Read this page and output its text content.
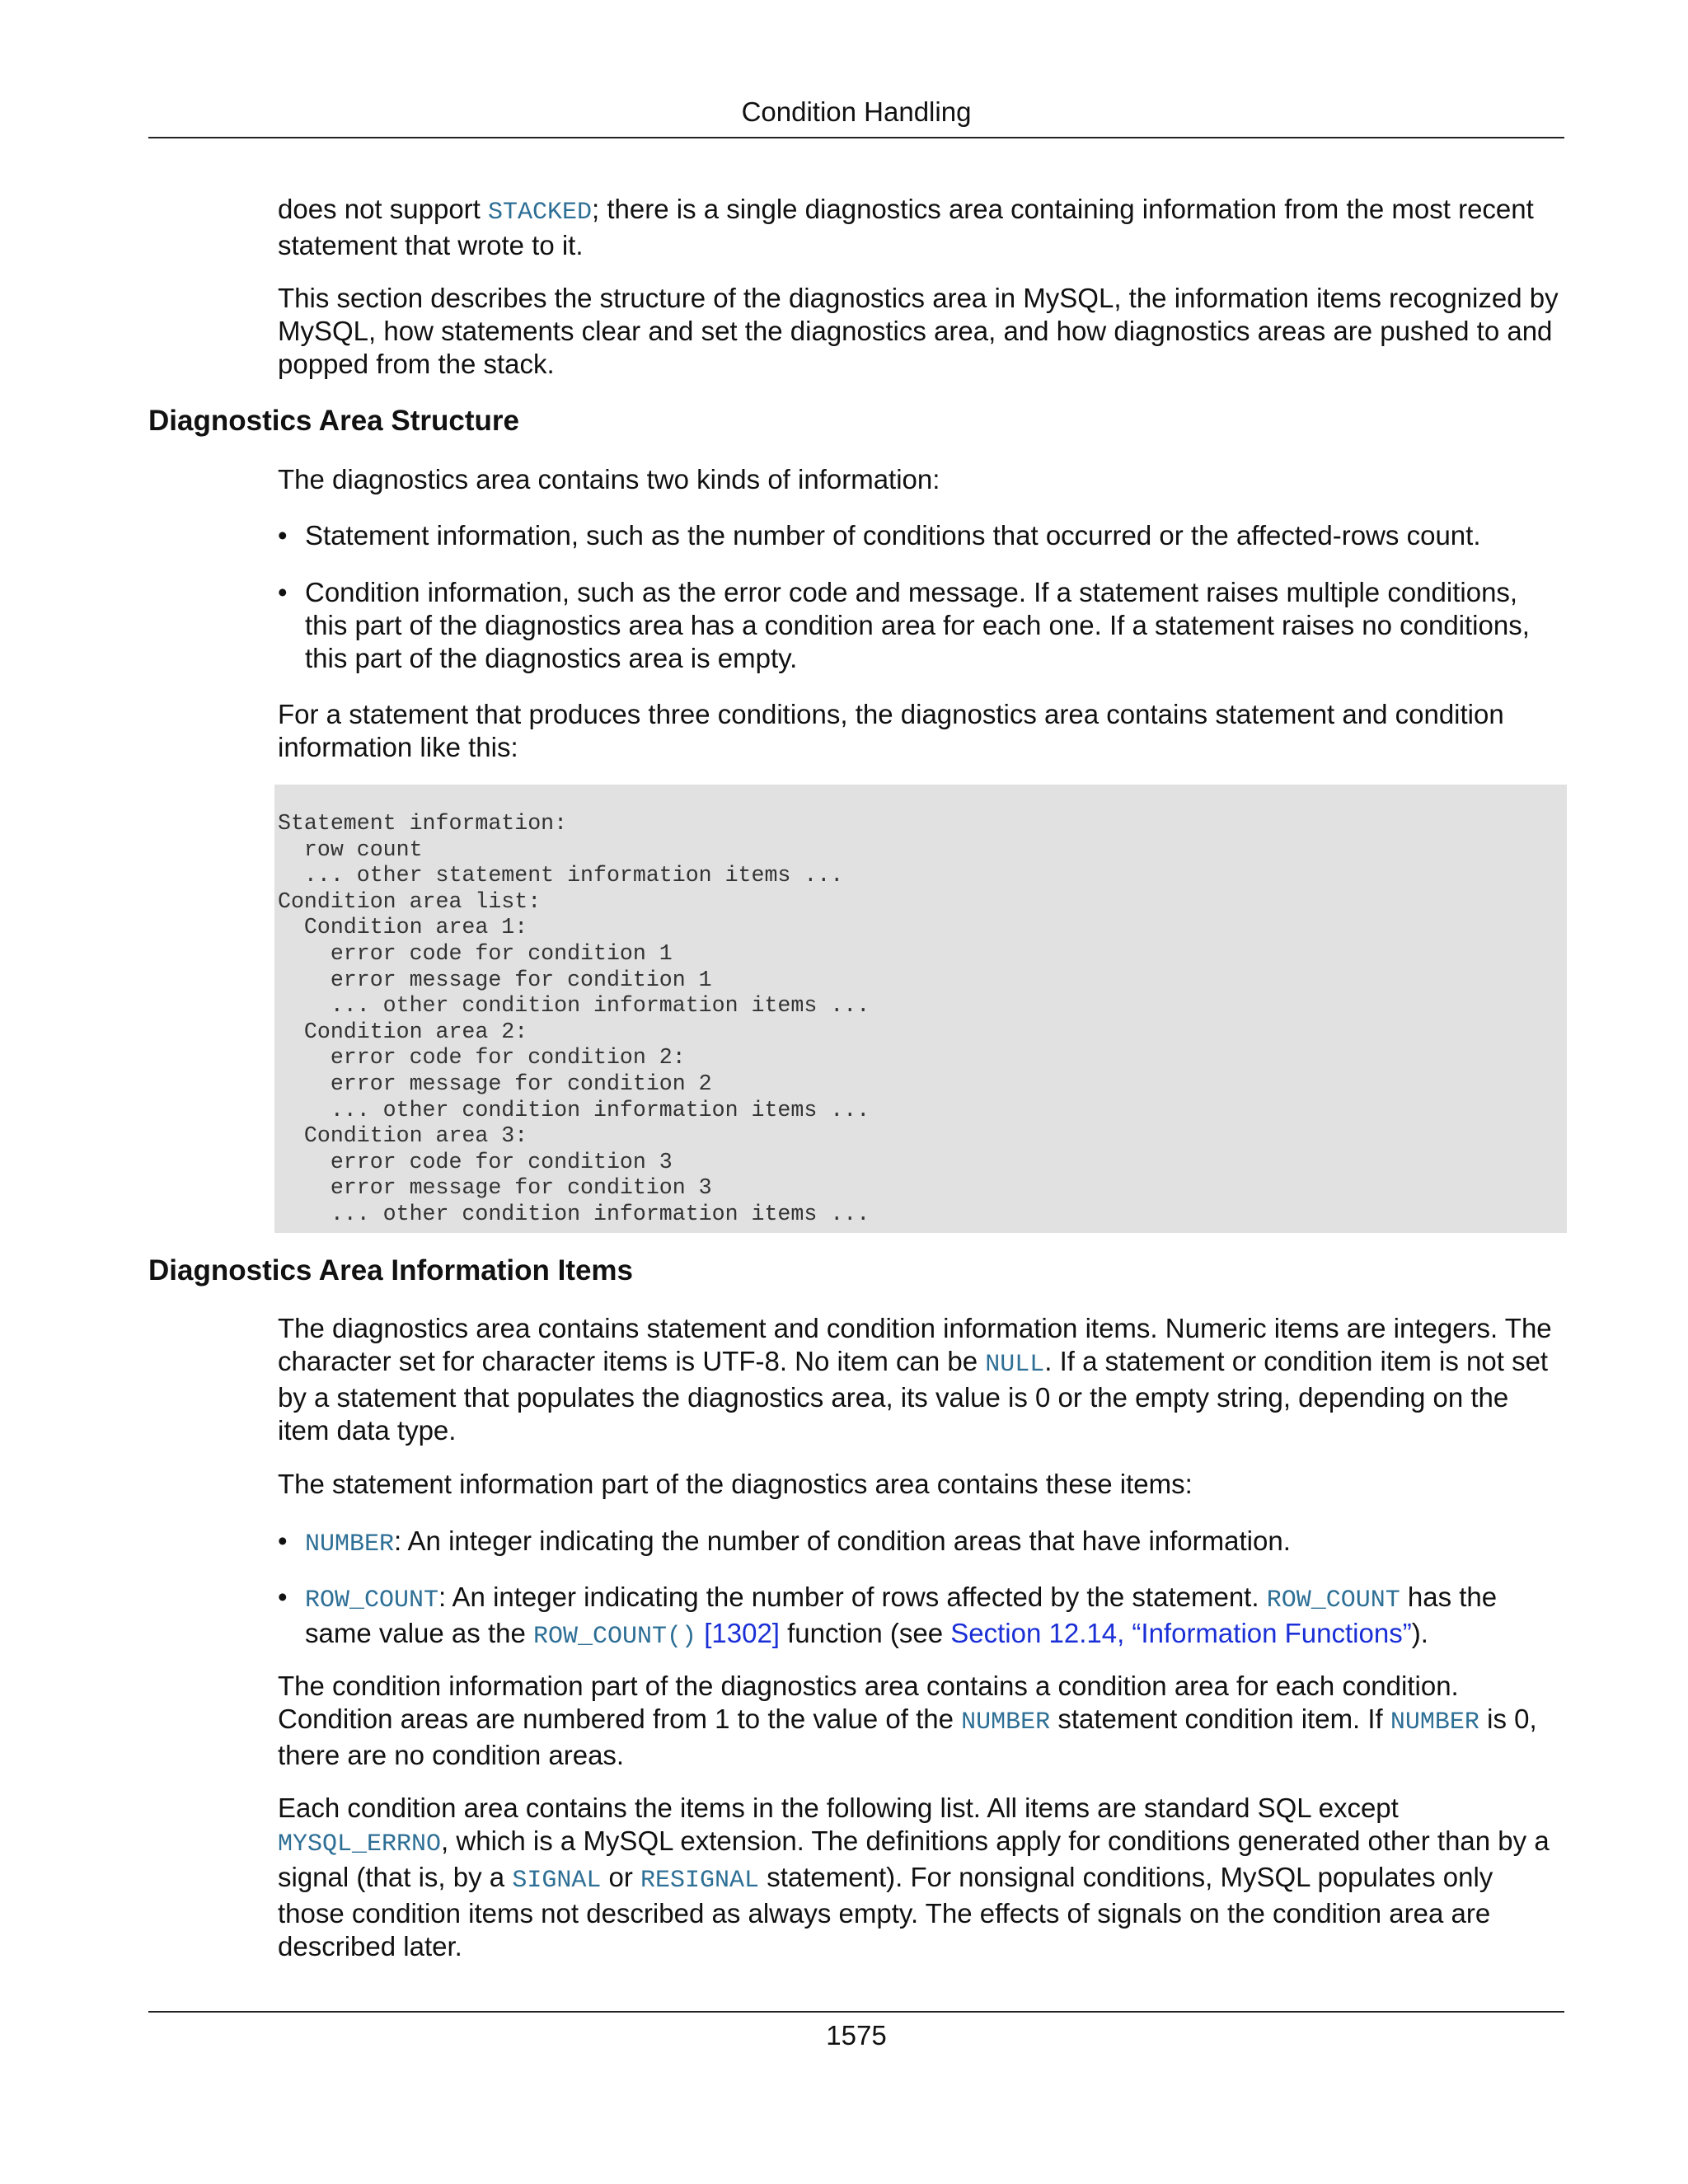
Condition Handling

does not support STACKED; there is a single diagnostics area containing information from the most recent statement that wrote to it.

This section describes the structure of the diagnostics area in MySQL, the information items recognized by MySQL, how statements clear and set the diagnostics area, and how diagnostics areas are pushed to and popped from the stack.

Diagnostics Area Structure

The diagnostics area contains two kinds of information:

• Statement information, such as the number of conditions that occurred or the affected-rows count.
• Condition information, such as the error code and message. If a statement raises multiple conditions, this part of the diagnostics area has a condition area for each one. If a statement raises no conditions, this part of the diagnostics area is empty.

For a statement that produces three conditions, the diagnostics area contains statement and condition information like this:

Statement information:
row count
... other statement information items ...
Condition area list:
Condition area 1:
error code for condition 1
error message for condition 1
... other condition information items ...
Condition area 2:
error code for condition 2:
error message for condition 2
... other condition information items ...
Condition area 3:
error code for condition 3
error message for condition 3
... other condition information items ...
Diagnostics Area Information Items

The diagnostics area contains statement and condition information items. Numeric items are integers. The character set for character items is UTF-8. No item can be NULL. If a statement or condition item is not set by a statement that populates the diagnostics area, its value is 0 or the empty string, depending on the item data type.

The statement information part of the diagnostics area contains these items:

• NUMBER: An integer indicating the number of condition areas that have information.
• ROW_COUNT: An integer indicating the number of rows affected by the statement. ROW_COUNT has the same value as the ROW_COUNT() [1302] function (see Section 12.14, “Information Functions”).

The condition information part of the diagnostics area contains a condition area for each condition. Condition areas are numbered from 1 to the value of the NUMBER statement condition item. If NUMBER is 0, there are no condition areas.

Each condition area contains the items in the following list. All items are standard SQL except MYSQL_ERRNO, which is a MySQL extension. The definitions apply for conditions generated other than by a signal (that is, by a SIGNAL or RESIGNAL statement). For nonsignal conditions, MySQL populates only those condition items not described as always empty. The effects of signals on the condition area are described later.

1575
